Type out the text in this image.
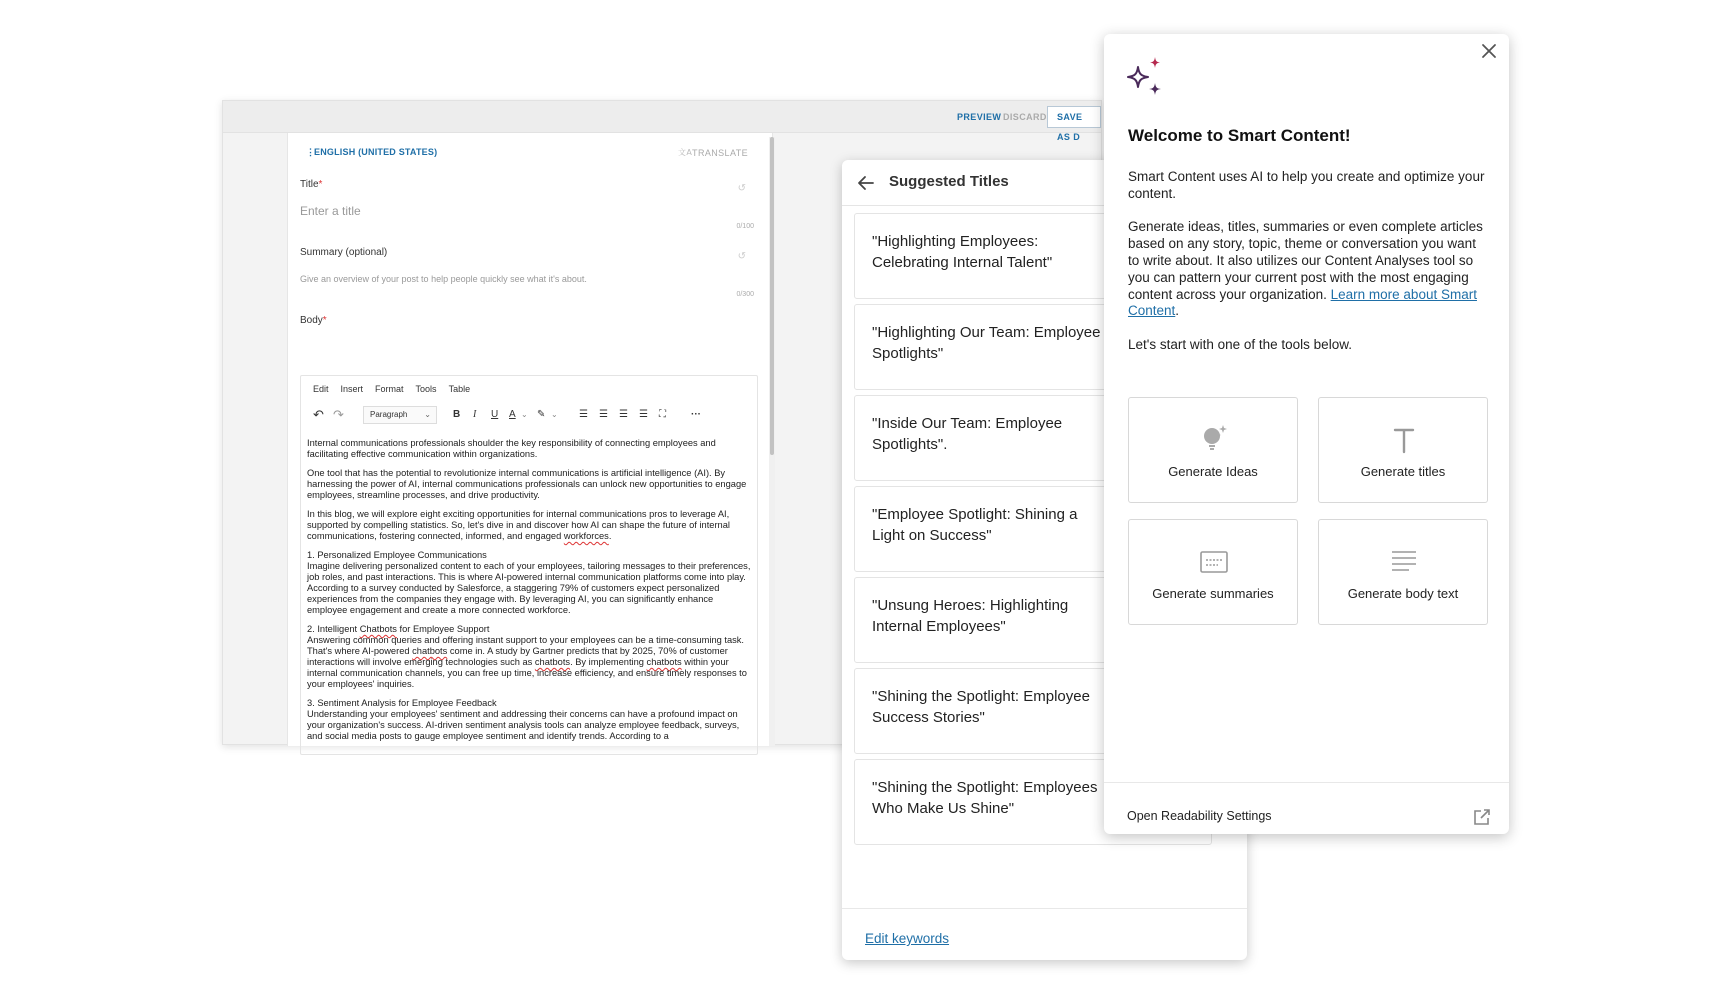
PREVIEW DISCARD	SAVE AS D
⋮ENGLISH (UNITED STATES)	文A TRANSLATE
Title*	↺
Enter a title
0/100
Summary (optional)	↺
Give an overview of your post to help people quickly see what it's about.
0/300
Body*
Edit Insert Format Tools Table
↶ ↷	Paragraph ⌄ B I U A ⌄ ✎ ⌄ ☰ ☰ ☰ ☰ ⛶	···

Internal communications professionals shoulder the key responsibility of connecting employees and facilitating effective communication within organizations.

One tool that has the potential to revolutionize internal communications is artificial intelligence (AI). By harnessing the power of AI, internal communications professionals can unlock new opportunities to engage employees, streamline processes, and drive productivity.

In this blog, we will explore eight exciting opportunities for internal communications pros to leverage AI, supported by compelling statistics. So, let's dive in and discover how AI can shape the future of internal communications, fostering connected, informed, and engaged workforces.

1. Personalized Employee Communications
Imagine delivering personalized content to each of your employees, tailoring messages to their preferences, job roles, and past interactions. This is where AI-powered internal communication platforms come into play. According to a survey conducted by Salesforce, a staggering 79% of customers expect personalized experiences from the companies they engage with. By leveraging AI, you can significantly enhance employee engagement and create a more connected workforce.

2. Intelligent Chatbots for Employee Support
Answering common queries and offering instant support to your employees can be a time-consuming task. That's where AI-powered chatbots come in. A study by Gartner predicts that by 2025, 70% of customer interactions will involve emerging technologies such as chatbots. By implementing chatbots within your internal communication channels, you can free up time, increase efficiency, and ensure timely responses to your employees' inquiries.

3. Sentiment Analysis for Employee Feedback
Understanding your employees' sentiment and addressing their concerns can have a profound impact on your organization's success. AI-driven sentiment analysis tools can analyze employee feedback, surveys, and social media posts to gauge employee sentiment and identify trends. According to a

Suggested Titles
"Highlighting Employees: Celebrating Internal Talent"
"Highlighting Our Team: Employee Spotlights"
"Inside Our Team: Employee Spotlights".
"Employee Spotlight: Shining a Light on Success"
"Unsung Heroes: Highlighting Internal Employees"
"Shining the Spotlight: Employee Success Stories"
"Shining the Spotlight: Employees Who Make Us Shine"
Edit keywords
Welcome to Smart Content!

Smart Content uses AI to help you create and optimize your content.

Generate ideas, titles, summaries or even complete articles based on any story, topic, theme or conversation you want to write about. It also utilizes our Content Analyses tool so you can pattern your current post with the most engaging content across your organization. Learn more about Smart Content.

Let's start with one of the tools below.

Generate Ideas	Generate titles
Generate summaries	Generate body text
Open Readability Settings
